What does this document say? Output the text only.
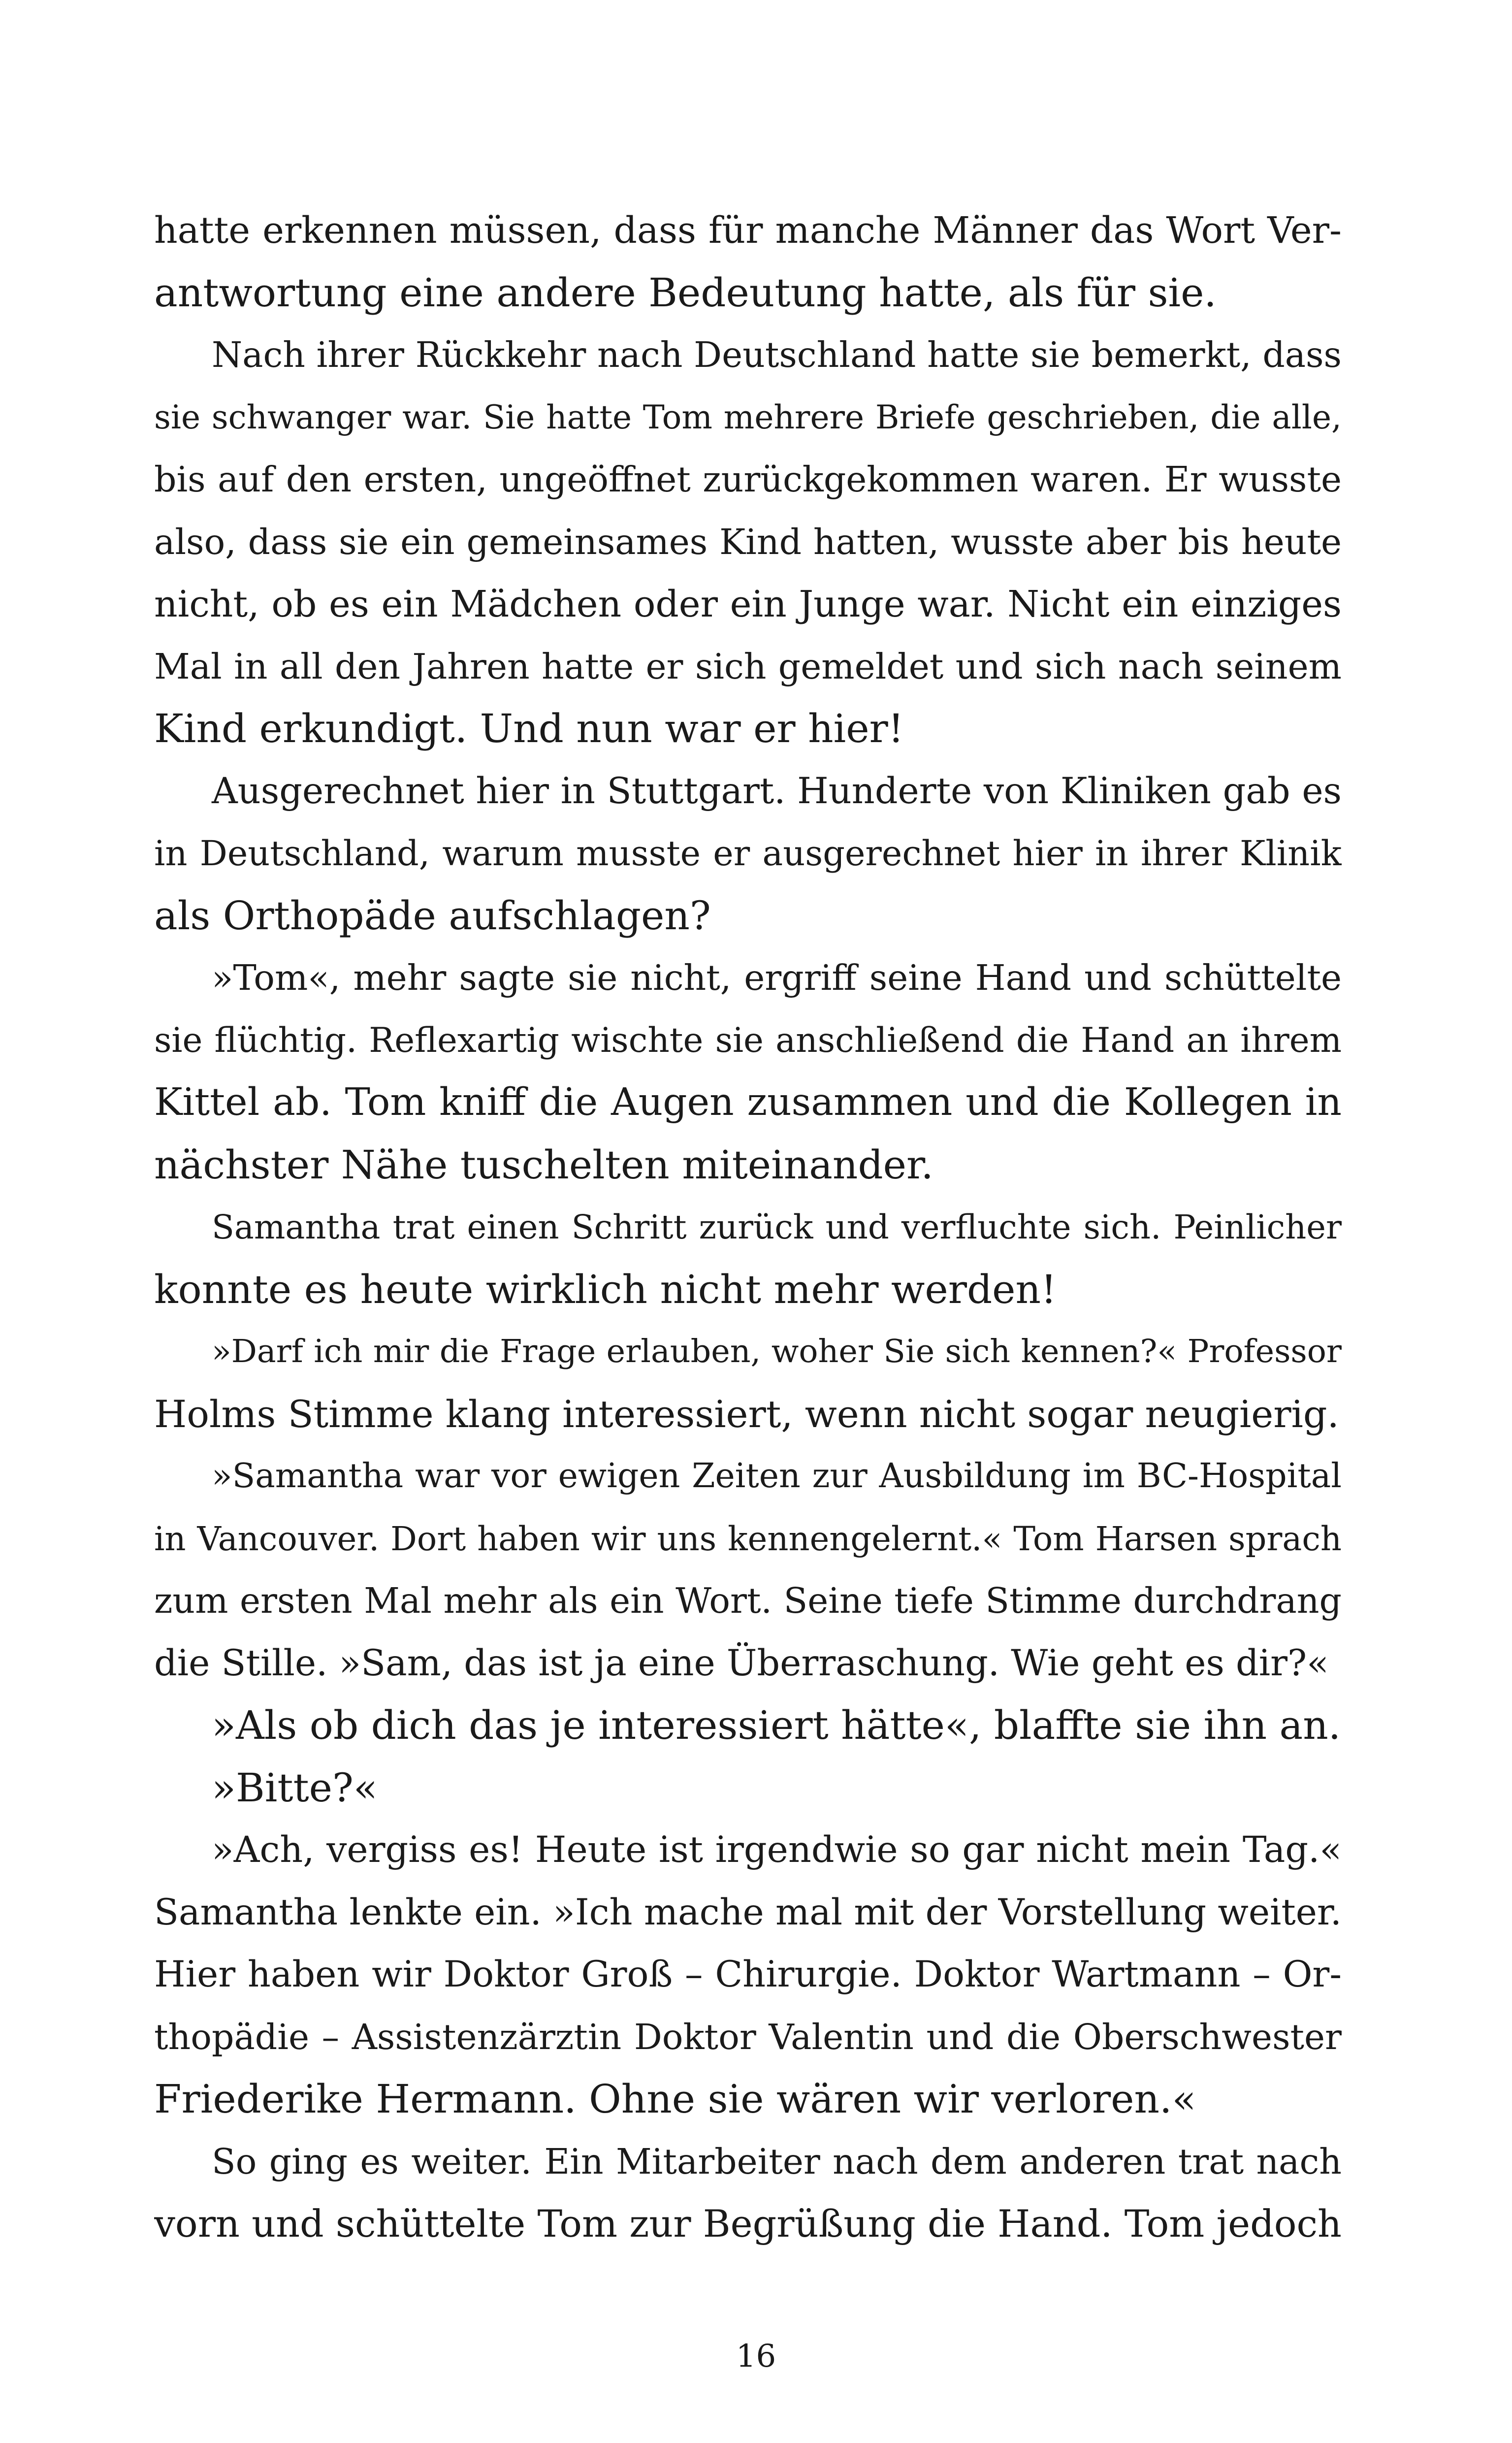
hatte erkennen müssen, dass für manche Männer das Wort Ver-
antwortung eine andere Bedeutung hatte, als für sie.
Nach ihrer Rückkehr nach Deutschland hatte sie bemerkt, dass
sie schwanger war. Sie hatte Tom mehrere Briefe geschrieben, die alle,
bis auf den ersten, ungeöffnet zurückgekommen waren. Er wusste
also, dass sie ein gemeinsames Kind hatten, wusste aber bis heute
nicht, ob es ein Mädchen oder ein Junge war. Nicht ein einziges
Mal in all den Jahren hatte er sich gemeldet und sich nach seinem
Kind erkundigt. Und nun war er hier!
Ausgerechnet hier in Stuttgart. Hunderte von Kliniken gab es
in Deutschland, warum musste er ausgerechnet hier in ihrer Klinik
als Orthopäde aufschlagen?
»Tom«, mehr sagte sie nicht, ergriff seine Hand und schüttelte
sie flüchtig. Reflexartig wischte sie anschließend die Hand an ihrem
Kittel ab. Tom kniff die Augen zusammen und die Kollegen in
nächster Nähe tuschelten miteinander.
Samantha trat einen Schritt zurück und verfluchte sich. Peinlicher
konnte es heute wirklich nicht mehr werden!
»Darf ich mir die Frage erlauben, woher Sie sich kennen?« Professor
Holms Stimme klang interessiert, wenn nicht sogar neugierig.
»Samantha war vor ewigen Zeiten zur Ausbildung im BC-Hospital
in Vancouver. Dort haben wir uns kennengelernt.« Tom Harsen sprach
zum ersten Mal mehr als ein Wort. Seine tiefe Stimme durchdrang
die Stille. »Sam, das ist ja eine Überraschung. Wie geht es dir?«
»Als ob dich das je interessiert hätte«, blaffte sie ihn an.
»Bitte?«
»Ach, vergiss es! Heute ist irgendwie so gar nicht mein Tag.«
Samantha lenkte ein. »Ich mache mal mit der Vorstellung weiter.
Hier haben wir Doktor Groß – Chirurgie. Doktor Wartmann – Or-
thopädie – Assistenzärztin Doktor Valentin und die Oberschwester
Friederike Hermann. Ohne sie wären wir verloren.«
So ging es weiter. Ein Mitarbeiter nach dem anderen trat nach
vorn und schüttelte Tom zur Begrüßung die Hand. Tom jedoch
16
